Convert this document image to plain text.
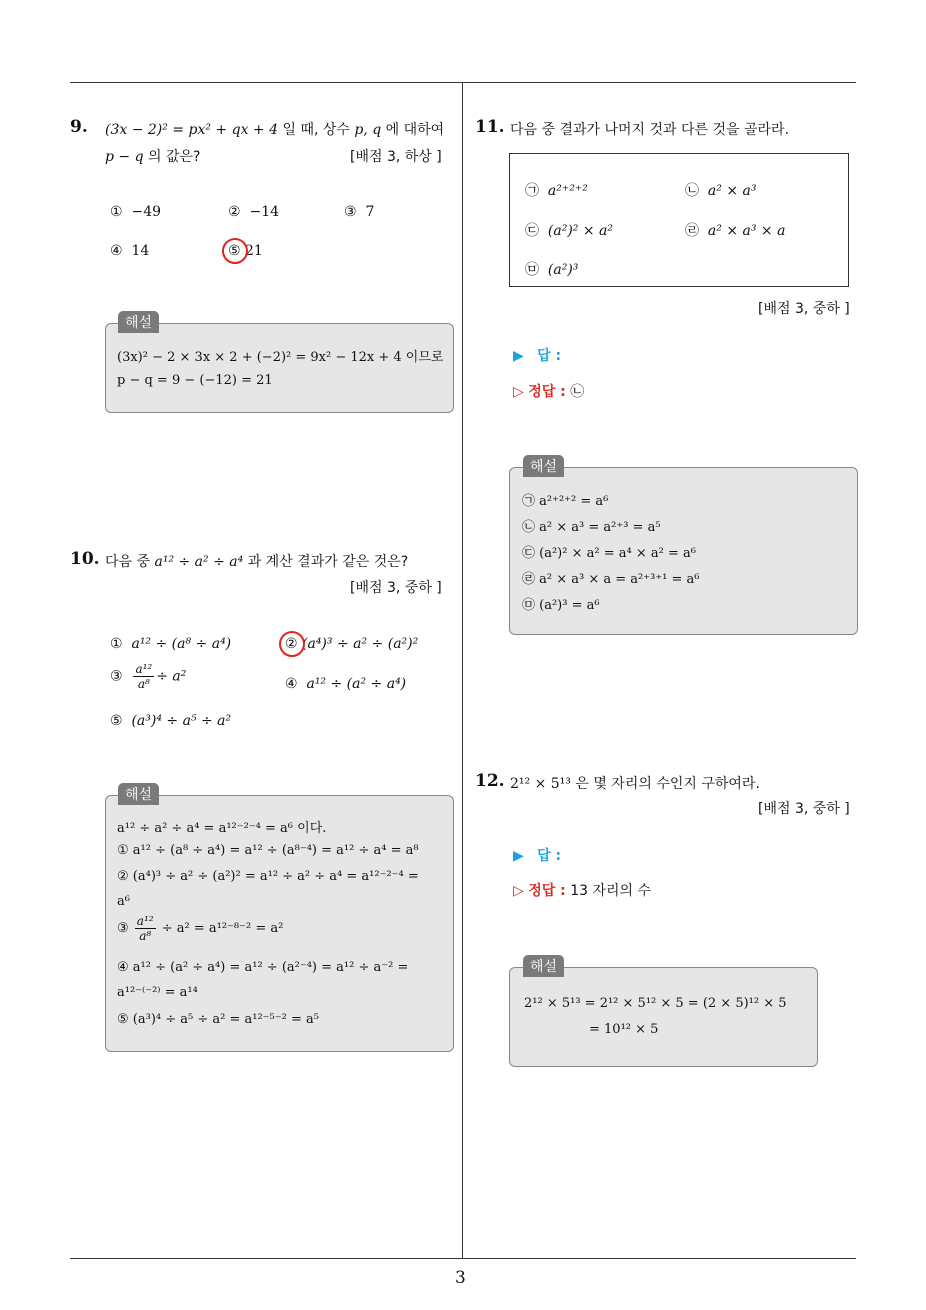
3
9. (3x − 2)² = px² + qx + 4 일 때, 상수 p, q 에 대하여
p − q 의 값은?	[배점 3, 하상 ]
① −49	② −14	③ 7
④ 14	⑤ 21
해설
(3x)² − 2 × 3x × 2 + (−2)² = 9x² − 12x + 4 이므로
p − q = 9 − (−12) = 21
10. 다음 중 a¹² ÷ a² ÷ a⁴ 과 계산 결과가 같은 것은?
[배점 3, 중하 ]
① a¹² ÷ (a⁸ ÷ a⁴)	② (a⁴)³ ÷ a² ÷ (a²)²
③ $\frac{\text{a¹²}}{\text{a⁸}} \div a^2$	④ a¹² ÷ (a² ÷ a⁴)
⑤ (a³)⁴ ÷ a⁵ ÷ a²
해설
a¹² ÷ a² ÷ a⁴ = a¹²⁻²⁻⁴ = a⁶ 이다.
① a¹² ÷ (a⁸ ÷ a⁴) = a¹² ÷ (a⁸⁻⁴) = a¹² ÷ a⁴ = a⁸
② (a⁴)³ ÷ a² ÷ (a²)² = a¹² ÷ a² ÷ a⁴ = a¹²⁻²⁻⁴ =
a⁶
③ $\frac{\text{a¹²}}{\text{a⁸}} \div a^2 = a^{12-8-2} = a^2$
④ a¹² ÷ (a² ÷ a⁴) = a¹² ÷ (a²⁻⁴) = a¹² ÷ a⁻² =
a¹²⁻⁽⁻²⁾ = a¹⁴
⑤ (a³)⁴ ÷ a⁵ ÷ a² = a¹²⁻⁵⁻² = a⁵
11. 다음 중 결과가 나머지 것과 다른 것을 골라라.
㉠ a²⁺²⁺²	㉡ a² × a³
㉢ (a²)² × a²	㉣ a² × a³ × a
㉤ (a²)³
[배점 3, 중하 ]
▶ 답 :
▷ 정답 : ㉡
해설
㉠ a²⁺²⁺² = a⁶
㉡ a² × a³ = a²⁺³ = a⁵
㉢ (a²)² × a² = a⁴ × a² = a⁶
㉣ a² × a³ × a = a²⁺³⁺¹ = a⁶
㉤ (a²)³ = a⁶
12. 2¹² × 5¹³ 은 몇 자리의 수인지 구하여라.
[배점 3, 중하 ]
▶ 답 :
▷ 정답 : 13 자리의 수
해설
2¹² × 5¹³ = 2¹² × 5¹² × 5 = (2 × 5)¹² × 5
= 10¹² × 5
